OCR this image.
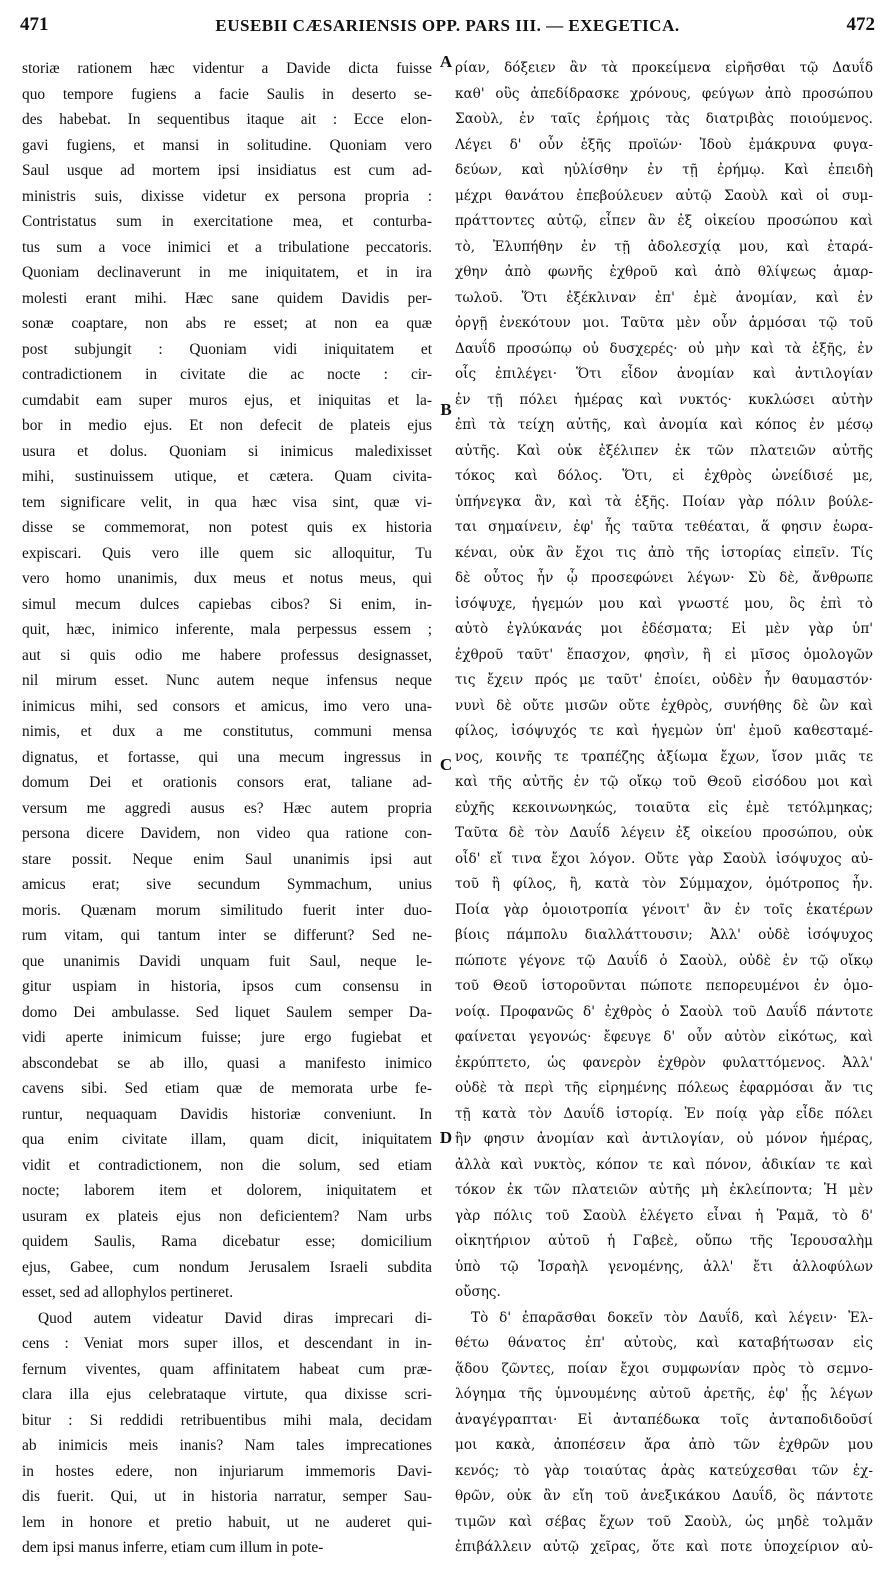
471	EUSEBII CÆSARIENSIS OPP. PARS III. — EXEGETICA.	472
storiæ rationem hæc videntur a Davide dicta fuisse
quo tempore fugiens a facie Saulis in deserto se-
des habebat. In sequentibus itaque ait : Ecce elon-
gavi fugiens, et mansi in solitudine. Quoniam vero
Saul usque ad mortem ipsi insidiatus est cum ad-
ministris suis, dixisse videtur ex persona propria :
Contristatus sum in exercitatione mea, et conturba-
tus sum a voce inimici et a tribulatione peccatoris.
Quoniam declinaverunt in me iniquitatem, et in ira
molesti erant mihi. Hæc sane quidem Davidis per-
sonæ coaptare, non abs re esset; at non ea quæ
post subjungit : Quoniam vidi iniquitatem et
contradictionem in civitate die ac nocte : cir-
cumdabit eam super muros ejus, et iniquitas et la-
bor in medio ejus. Et non defecit de plateis ejus
usura et dolus. Quoniam si inimicus maledixisset
mihi, sustinuissem utique, et cætera. Quam civita-
tem significare velit, in qua hæc visa sint, quæ vi-
disse se commemorat, non potest quis ex historia
expiscari. Quis vero ille quem sic alloquitur, Tu
vero homo unanimis, dux meus et notus meus, qui
simul mecum dulces capiebas cibos? Si enim, in-
quit, hæc, inimico inferente, mala perpessus essem ;
aut si quis odio me habere professus designasset,
nil mirum esset. Nunc autem neque infensus neque
inimicus mihi, sed consors et amicus, imo vero una-
nimis, et dux a me constitutus, communi mensa
dignatus, et fortasse, qui una mecum ingressus in
domum Dei et orationis consors erat, taliane ad-
versum me aggredi ausus es? Hæc autem propria
personа dicere Davidem, non video qua ratione con-
stare possit. Neque enim Saul unanimis ipsi aut
amicus erat; sive secundum Symmachum, unius
moris. Quænam morum similitudo fuerit inter duo-
rum vitam, qui tantum inter se differunt? Sed ne-
que unanimis Davidi unquam fuit Saul, neque le-
gitur uspiam in historia, ipsos cum consensu in
domo Dei ambulasse. Sed liquet Saulem semper Da-
vidi aperte inimicum fuisse; jure ergo fugiebat et
abscondebat se ab illo, quasi a manifesto inimico
cavens sibi. Sed etiam quæ de memorata urbe fe-
runtur, nequaquam Davidis historiæ conveniunt. In
qua enim civitate illam, quam dicit, iniquitatem
vidit et contradictionem, non die solum, sed etiam
nocte; laborem item et dolorem, iniquitatem et
usuram ex plateis ejus non deficientem? Nam urbs
quidem Saulis, Rama dicebatur esse; domicilium
ejus, Gabee, cum nondum Jerusalem Israeli subdita
esset, sed ad allophylos pertineret.
Quod autem videatur David diras imprecari di-
cens : Veniat mors super illos, et descendant in in-
fernum viventes, quam affinitatem habeat cum præ-
clara illa ejus celebrataque virtute, qua dixisse scri-
bitur : Si reddidi retribuentibus mihi mala, decidam
ab inimicis meis inanis? Nam tales imprecationes
in hostes edere, non injuriarum immemoris Davi-
dis fuerit. Qui, ut in historia narratur, semper Sau-
lem in honore et pretio habuit, ut ne auderet qui-
dem ipsi manus inferre, etiam cum illum in pote-
ρίαν, δόξειεν ἂν τὰ προκείμενα εἰρῆσθαι τῷ Δαυΐδ
καθ' οὓς ἀπεδίδρασκε χρόνους, φεύγων ἀπὸ προσώπου
Σαοὺλ, ἐν ταῖς ἐρήμοις τὰς διατριβὰς ποιούμενος.
Λέγει δ' οὖν ἑξῆς προϊών· Ἰδοὺ ἐμάκρυνα φυγα-
δεύων, καὶ ηὐλίσθην ἐν τῇ ἐρήμῳ. Καὶ ἐπειδὴ
μέχρι θανάτου ἐπεβούλευεν αὐτῷ Σαοὺλ καὶ οἱ συμ-
πράττοντες αὐτῷ, εἶπεν ἂν ἐξ οἰκείου προσώπου καὶ
τὸ, Ἐλυπήθην ἐν τῇ ἀδολεσχίᾳ μου, καὶ ἐταρά-
χθην ἀπὸ φωνῆς ἐχθροῦ καὶ ἀπὸ θλίψεως ἁμαρ-
τωλοῦ. Ὅτι ἐξέκλιναν ἐπ' ἐμὲ ἀνομίαν, καὶ ἐν
ὀργῇ ἐνεκότουν μοι. Ταῦτα μὲν οὖν ἁρμόσαι τῷ τοῦ
Δαυΐδ προσώπῳ οὐ δυσχερές· οὐ μὴν καὶ τὰ ἑξῆς, ἐν
οἷς ἐπιλέγει· Ὅτι εἶδον ἀνομίαν καὶ ἀντιλογίαν
ἐν τῇ πόλει ἡμέρας καὶ νυκτός· κυκλώσει αὐτὴν
ἐπὶ τὰ τείχη αὐτῆς, καὶ ἀνομία καὶ κόπος ἐν μέσῳ
αὐτῆς. Καὶ οὐκ ἐξέλιπεν ἐκ τῶν πλατειῶν αὐτῆς
τόκος καὶ δόλος. Ὅτι, εἰ ἐχθρὸς ὠνείδισέ με,
ὑπήνεγκα ἂν, καὶ τὰ ἑξῆς. Ποίαν γὰρ πόλιν βούλε-
ται σημαίνειν, ἐφ' ἧς ταῦτα τεθέαται, ἅ φησιν ἑωρα-
κέναι, οὐκ ἂν ἔχοι τις ἀπὸ τῆς ἱστορίας εἰπεῖν. Τίς
δὲ οὗτος ἦν ᾧ προσεφώνει λέγων· Σὺ δὲ, ἄνθρωπε
ἰσόψυχε, ἡγεμών μου καὶ γνωστέ μου, ὃς ἐπὶ τὸ
αὐτὸ ἐγλύκανάς μοι ἐδέσματα; Εἰ μὲν γὰρ ὑπ'
ἐχθροῦ ταῦτ' ἔπασχον, φησὶν, ἢ εἰ μῖσος ὁμολογῶν
τις ἔχειν πρός με ταῦτ' ἐποίει, οὐδὲν ἦν θαυμαστόν·
νυνὶ δὲ οὔτε μισῶν οὔτε ἐχθρὸς, συνήθης δὲ ὢν καὶ
φίλος, ἰσόψυχός τε καὶ ἡγεμὼν ὑπ' ἐμοῦ καθεσταμέ-
νος, κοινῆς τε τραπέζης ἀξίωμα ἔχων, ἴσον μιᾶς τε
καὶ τῆς αὐτῆς ἐν τῷ οἴκῳ τοῦ Θεοῦ εἰσόδου μοι καὶ
εὐχῆς κεκοινωνηκώς, τοιαῦτα εἰς ἐμὲ τετόλμηκας;
Ταῦτα δὲ τὸν Δαυΐδ λέγειν ἐξ οἰκείου προσώπου, οὐκ
οἶδ' εἴ τινα ἔχοι λόγον. Οὔτε γὰρ Σαοὺλ ἰσόψυχος αὐ-
τοῦ ἢ φίλος, ἢ, κατὰ τὸν Σύμμαχον, ὁμότροπος ἦν.
Ποία γὰρ ὁμοιοτροπία γένοιτ' ἂν ἐν τοῖς ἑκατέρων
βίοις πάμπολυ διαλλάττουσιν; Ἀλλ' οὐδὲ ἰσόψυχος
πώποτε γέγονε τῷ Δαυΐδ ὁ Σαοὺλ, οὐδὲ ἐν τῷ οἴκῳ
τοῦ Θεοῦ ἱστοροῦνται πώποτε πεπορευμένοι ἐν ὁμο-
νοίᾳ. Προφανῶς δ' ἐχθρὸς ὁ Σαοὺλ τοῦ Δαυΐδ πάντοτε
φαίνεται γεγονώς· ἔφευγε δ' οὖν αὐτὸν εἰκότως, καὶ
ἐκρύπτετο, ὡς φανερὸν ἐχθρὸν φυλαττόμενος. Ἀλλ'
οὐδὲ τὰ περὶ τῆς εἰρημένης πόλεως ἐφαρμόσαι ἄν τις
τῇ κατὰ τὸν Δαυΐδ ἱστορίᾳ. Ἐν ποίᾳ γὰρ εἶδε πόλει
ἣν φησιν ἀνομίαν καὶ ἀντιλογίαν, οὐ μόνον ἡμέρας,
ἀλλὰ καὶ νυκτὸς, κόπον τε καὶ πόνον, ἀδικίαν τε καὶ
τόκον ἐκ τῶν πλατειῶν αὐτῆς μὴ ἐκλείποντα; Ἡ μὲν
γὰρ πόλις τοῦ Σαοὺλ ἐλέγετο εἶναι ἡ Ῥαμᾶ, τὸ δ'
οἰκητήριον αὐτοῦ ἡ Γαβεὲ, οὔπω τῆς Ἱερουσαλὴμ
ὑπὸ τῷ Ἰσραὴλ γενομένης, ἀλλ' ἔτι ἀλλοφύλων
οὔσης.
Τὸ δ' ἐπαρᾶσθαι δοκεῖν τὸν Δαυΐδ, καὶ λέγειν· Ἐλ-
θέτω θάνατος ἐπ' αὐτοὺς, καὶ καταβήτωσαν εἰς
ᾅδου ζῶντες, ποίαν ἔχοι συμφωνίαν πρὸς τὸ σεμνο-
λόγημα τῆς ὑμνουμένης αὐτοῦ ἀρετῆς, ἐφ' ᾗς λέγων
ἀναγέγραπται· Εἰ ἀνταπέδωκα τοῖς ἀνταποδιδοῦσί
μοι κακὰ, ἀποπέσειν ἄρα ἀπὸ τῶν ἐχθρῶν μου
κενός; τὸ γὰρ τοιαύτας ἀρὰς κατεύχεσθαι τῶν ἐχ-
θρῶν, οὐκ ἂν εἴη τοῦ ἀνεξικάκου Δαυΐδ, ὃς πάντοτε
τιμῶν καὶ σέβας ἔχων τοῦ Σαοὺλ, ὡς μηδὲ τολμᾶν
ἐπιβάλλειν αὐτῷ χεῖρας, ὅτε καὶ ποτε ὑποχείριον αὐ-
A
B
C
D
